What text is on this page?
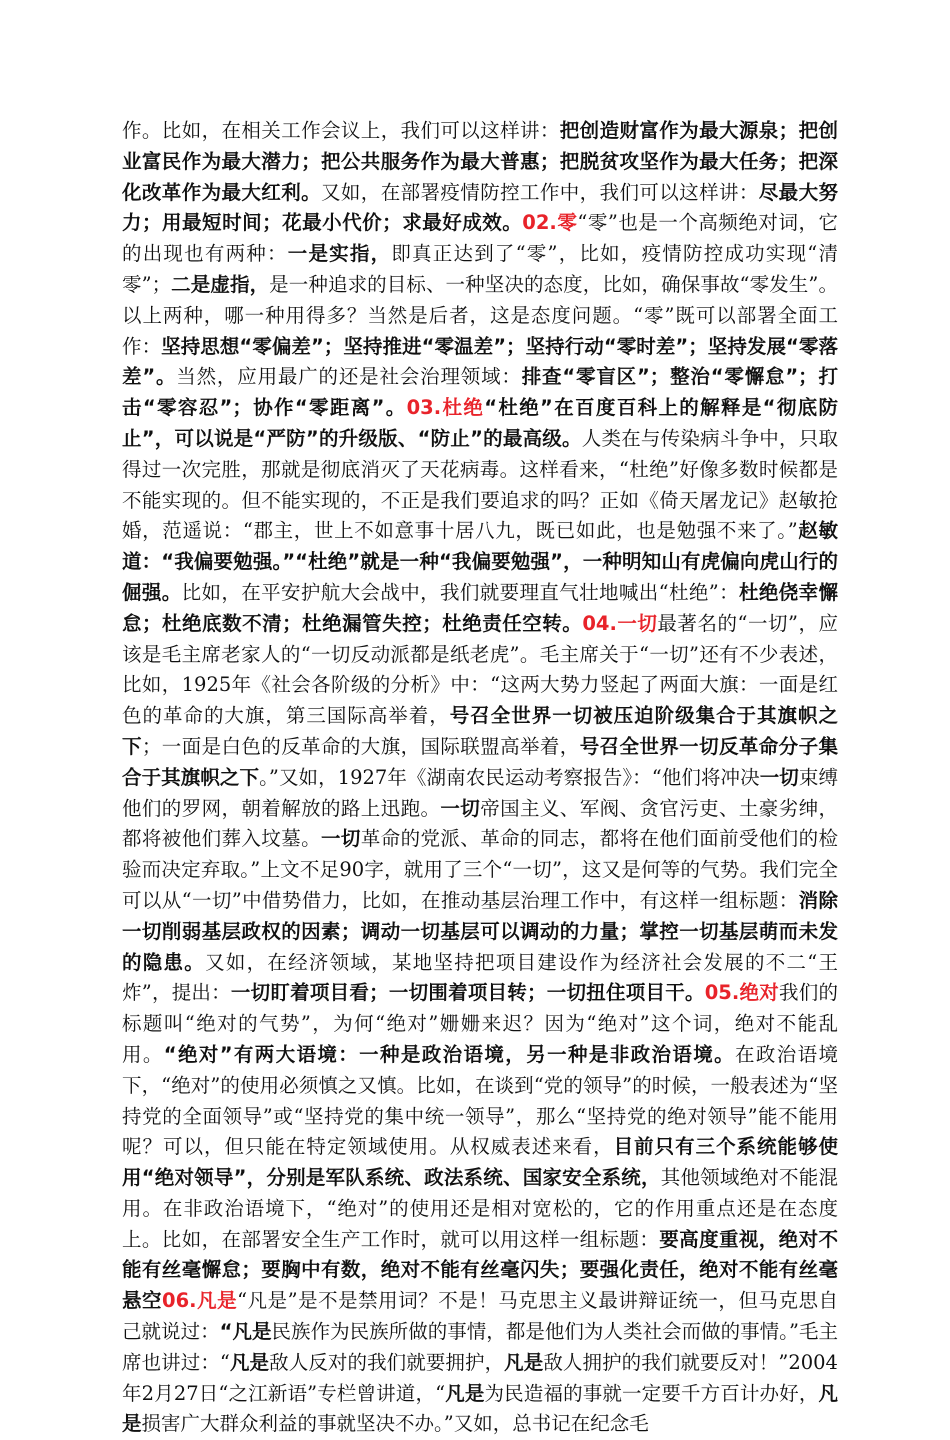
作。比如，在相关工作会议上，我们可以这样讲：把创造财富作为最大源泉；把创业富民作为最大潜力；把公共服务作为最大普惠；把脱贫攻坚作为最大任务；把深化改革作为最大红利。又如，在部署疫情防控工作中，我们可以这样讲：尽最大努力；用最短时间；花最小代价；求最好成效。02.零“零”也是一个高频绝对词，它的出现也有两种：一是实指，即真正达到了“零”，比如，疫情防控成功实现“清零”；二是虚指，是一种追求的目标、一种坚决的态度，比如，确保事故“零发生”。以上两种，哪一种用得多？当然是后者，这是态度问题。“零”既可以部署全面工作：坚持思想“零偏差”；坚持推进“零温差”；坚持行动“零时差”；坚持发展“零落差”。当然，应用最广的还是社会治理领域：排查“零盲区”；整治“零懈怠”；打击“零容忍”；协作“零距离”。03.杜绝“杜绝”在百度百科上的解释是“彻底防止”，可以说是“严防”的升级版、“防止”的最高级。人类在与传染病斗争中，只取得过一次完胜，那就是彻底消灭了天花病毒。这样看来，“杜绝”好像多数时候都是不能实现的。但不能实现的，不正是我们要追求的吗？正如《倚天屠龙记》赵敏抢婚，范遥说：“郡主，世上不如意事十居八九，既已如此，也是勉强不来了。”赵敏道：“我偏要勉强。”“杜绝”就是一种“我偏要勉强”，一种明知山有虎偏向虎山行的倔强。比如，在平安护航大会战中，我们就要理直气壮地喊出“杜绝”：杜绝侥幸懈怠；杜绝底数不清；杜绝漏管失控；杜绝责任空转。04.一切最著名的“一切”，应该是毛主席老家人的“一切反动派都是纸老虎”。毛主席关于“一切”还有不少表述，比如，1925年《社会各阶级的分析》中：“这两大势力竖起了两面大旗：一面是红色的革命的大旗，第三国际高举着，号召全世界一切被压迫阶级集合于其旗帜之下；一面是白色的反革命的大旗，国际联盟高举着，号召全世界一切反革命分子集合于其旗帜之下。”又如，1927年《湖南农民运动考察报告》：“他们将冲决一切束缚他们的罗网，朝着解放的路上迅跑。一切帝国主义、军阀、贪官污吏、土豪劣绅，都将被他们葬入坟墓。一切革命的党派、革命的同志，都将在他们面前受他们的检验而决定弃取。”上文不足90字，就用了三个“一切”，这又是何等的气势。我们完全可以从“一切”中借势借力，比如，在推动基层治理工作中，有这样一组标题：消除一切削弱基层政权的因素；调动一切基层可以调动的力量；掌控一切基层萌而未发的隐患。又如，在经济领域，某地坚持把项目建设作为经济社会发展的不二“王炸”，提出：一切盯着项目看；一切围着项目转；一切扭住项目干。05.绝对我们的标题叫“绝对的气势”，为何“绝对”姗姗来迟？因为“绝对”这个词，绝对不能乱用。“绝对”有两大语境：一种是政治语境，另一种是非政治语境。在政治语境下，“绝对”的使用必须慎之又慎。比如，在谈到“党的领导”的时候，一般表述为“坚持党的全面领导”或“坚持党的集中统一领导”，那么“坚持党的绝对领导”能不能用呢？可以，但只能在特定领域使用。从权威表述来看，目前只有三个系统能够使用“绝对领导”，分别是军队系统、政法系统、国家安全系统，其他领域绝对不能混用。在非政治语境下，“绝对”的使用还是相对宽松的，它的作用重点还是在态度上。比如，在部署安全生产工作时，就可以用这样一组标题：要高度重视，绝对不能有丝毫懈怠；要胸中有数，绝对不能有丝毫闪失；要强化责任，绝对不能有丝毫悬空06.凡是“凡是”是不是禁用词？不是！马克思主义最讲辩证统一，但马克思自己就说过：“凡是民族作为民族所做的事情，都是他们为人类社会而做的事情。”毛主席也讲过：“凡是敌人反对的我们就要拥护，凡是敌人拥护的我们就要反对！”2004年2月27日“之江新语”专栏曾讲道，“凡是为民造福的事就一定要千方百计办好，凡是损害广大群众利益的事就坚决不办。”又如，总书记在纪念毛
